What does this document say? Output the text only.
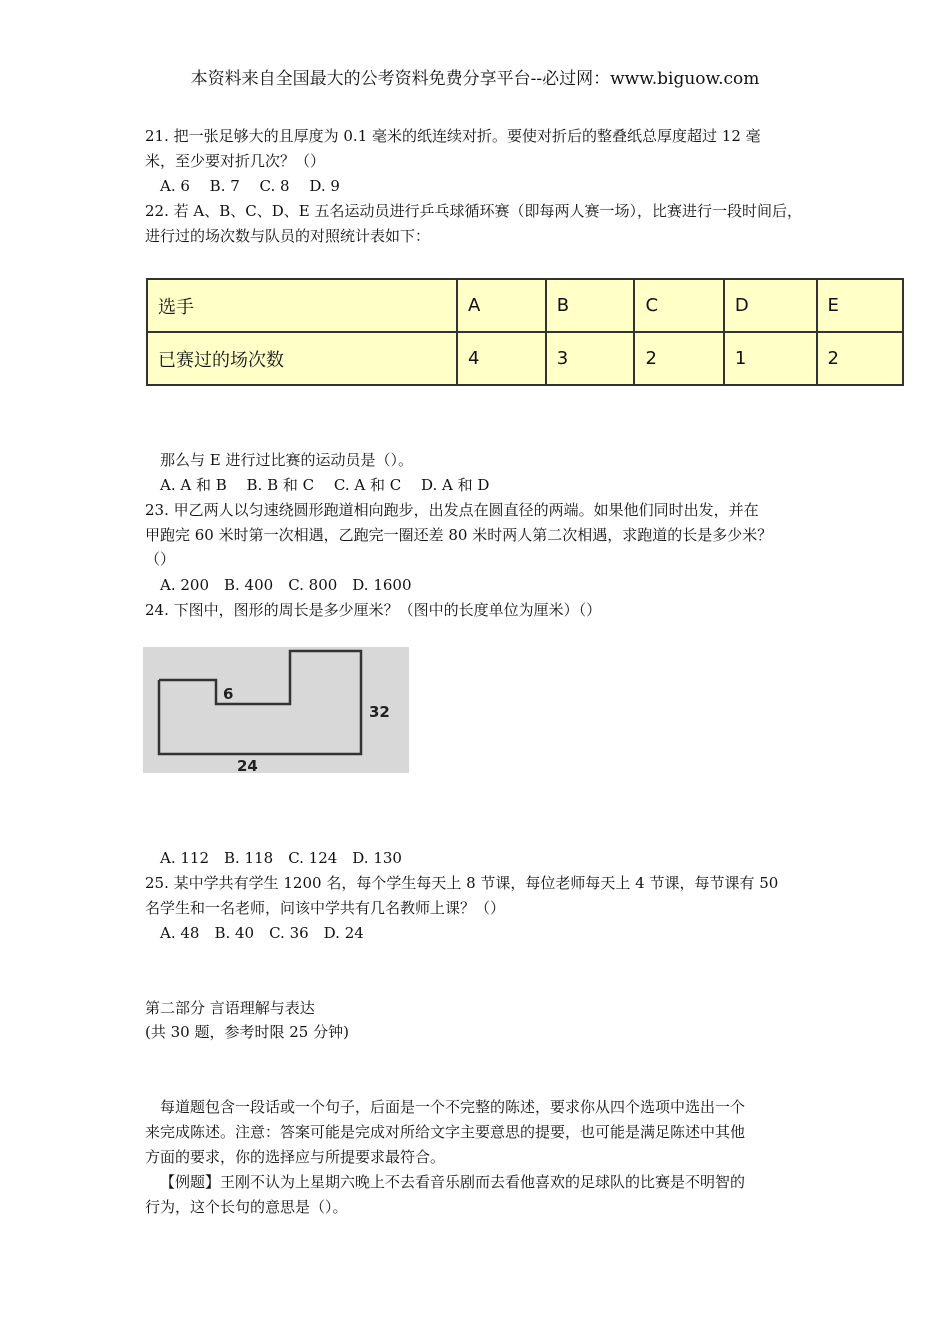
本资料来自全国最大的公考资料免费分享平台--必过网：www.biguow.com
21. 把一张足够大的且厚度为 0.1 毫米的纸连续对折。要使对折后的整叠纸总厚度超过 12 毫
米，至少要对折几次？（）
A. 6　 B. 7　 C. 8　 D. 9
22. 若 A、B、C、D、E 五名运动员进行乒乓球循环赛（即每两人赛一场），比赛进行一段时间后，
进行过的场次数与队员的对照统计表如下：
选手	A	B	C	D	E
已赛过的场次数	4	3	2	1	2
那么与 E 进行过比赛的运动员是（）。
A. A 和 B　 B. B 和 C　 C. A 和 C　 D. A 和 D
23. 甲乙两人以匀速绕圆形跑道相向跑步，出发点在圆直径的两端。如果他们同时出发，并在
甲跑完 60 米时第一次相遇，乙跑完一圈还差 80 米时两人第二次相遇，求跑道的长是多少米？
（）
A. 200　B. 400　C. 800　D. 1600
24. 下图中，图形的周长是多少厘米？（图中的长度单位为厘米）（）
6
32
24
A. 112　B. 118　C. 124　D. 130
25. 某中学共有学生 1200 名，每个学生每天上 8 节课，每位老师每天上 4 节课，每节课有 50
名学生和一名老师，问该中学共有几名教师上课？（）
A. 48　B. 40　C. 36　D. 24
第二部分 言语理解与表达
(共 30 题，参考时限 25 分钟)
每道题包含一段话或一个句子，后面是一个不完整的陈述，要求你从四个选项中选出一个
来完成陈述。注意：答案可能是完成对所给文字主要意思的提要，也可能是满足陈述中其他
方面的要求，你的选择应与所提要求最符合。
【例题】王刚不认为上星期六晚上不去看音乐剧而去看他喜欢的足球队的比赛是不明智的
行为，这个长句的意思是（）。
